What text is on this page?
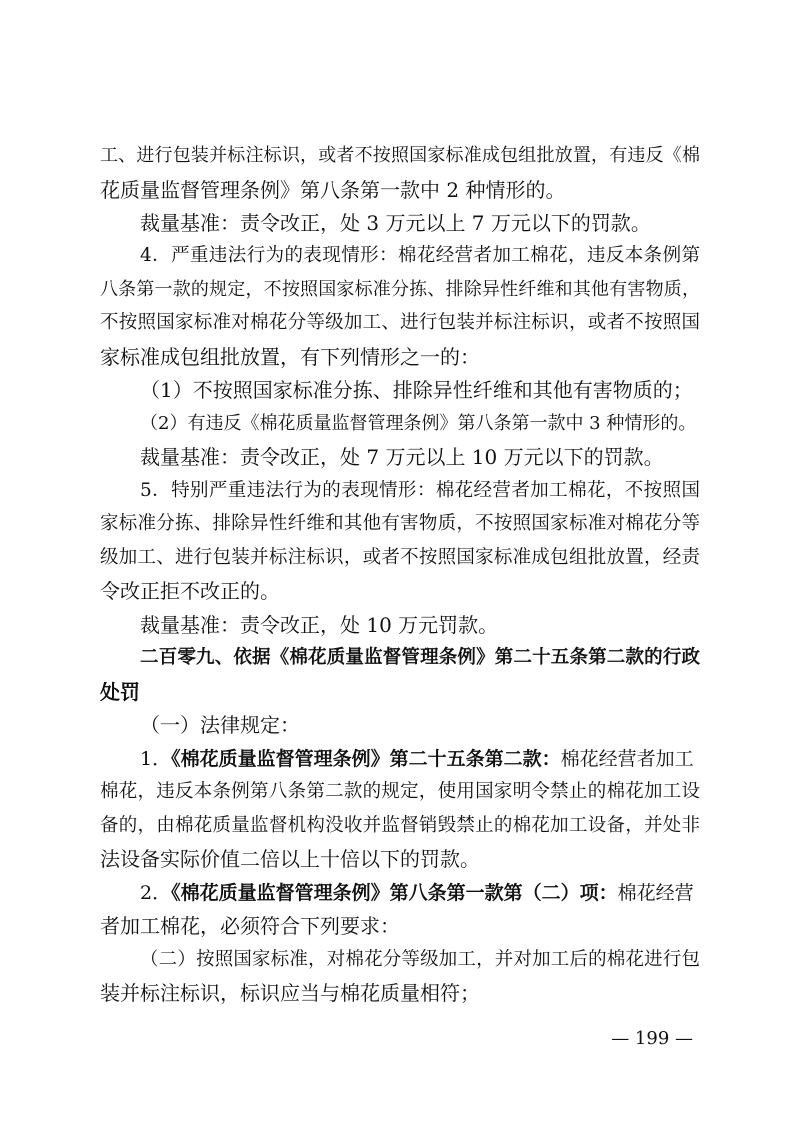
工、进行包装并标注标识，或者不按照国家标准成包组批放置，有违反《棉
花质量监督管理条例》第八条第一款中 2 种情形的。
裁量基准：责令改正，处 3 万元以上 7 万元以下的罚款。
4．严重违法行为的表现情形：棉花经营者加工棉花，违反本条例第
八条第一款的规定，不按照国家标准分拣、排除异性纤维和其他有害物质，
不按照国家标准对棉花分等级加工、进行包装并标注标识，或者不按照国
家标准成包组批放置，有下列情形之一的：
（1）不按照国家标准分拣、排除异性纤维和其他有害物质的；
（2）有违反《棉花质量监督管理条例》第八条第一款中 3 种情形的。
裁量基准：责令改正，处 7 万元以上 10 万元以下的罚款。
5．特别严重违法行为的表现情形：棉花经营者加工棉花，不按照国
家标准分拣、排除异性纤维和其他有害物质，不按照国家标准对棉花分等
级加工、进行包装并标注标识，或者不按照国家标准成包组批放置，经责
令改正拒不改正的。
裁量基准：责令改正，处 10 万元罚款。
二百零九、依据《棉花质量监督管理条例》第二十五条第二款的行政
处罚
（一）法律规定：
1．《棉花质量监督管理条例》第二十五条第二款：棉花经营者加工
棉花，违反本条例第八条第二款的规定，使用国家明令禁止的棉花加工设
备的，由棉花质量监督机构没收并监督销毁禁止的棉花加工设备，并处非
法设备实际价值二倍以上十倍以下的罚款。
2．《棉花质量监督管理条例》第八条第一款第（二）项：棉花经营
者加工棉花，必须符合下列要求：
（二）按照国家标准，对棉花分等级加工，并对加工后的棉花进行包
装并标注标识，标识应当与棉花质量相符；
— 199 —
